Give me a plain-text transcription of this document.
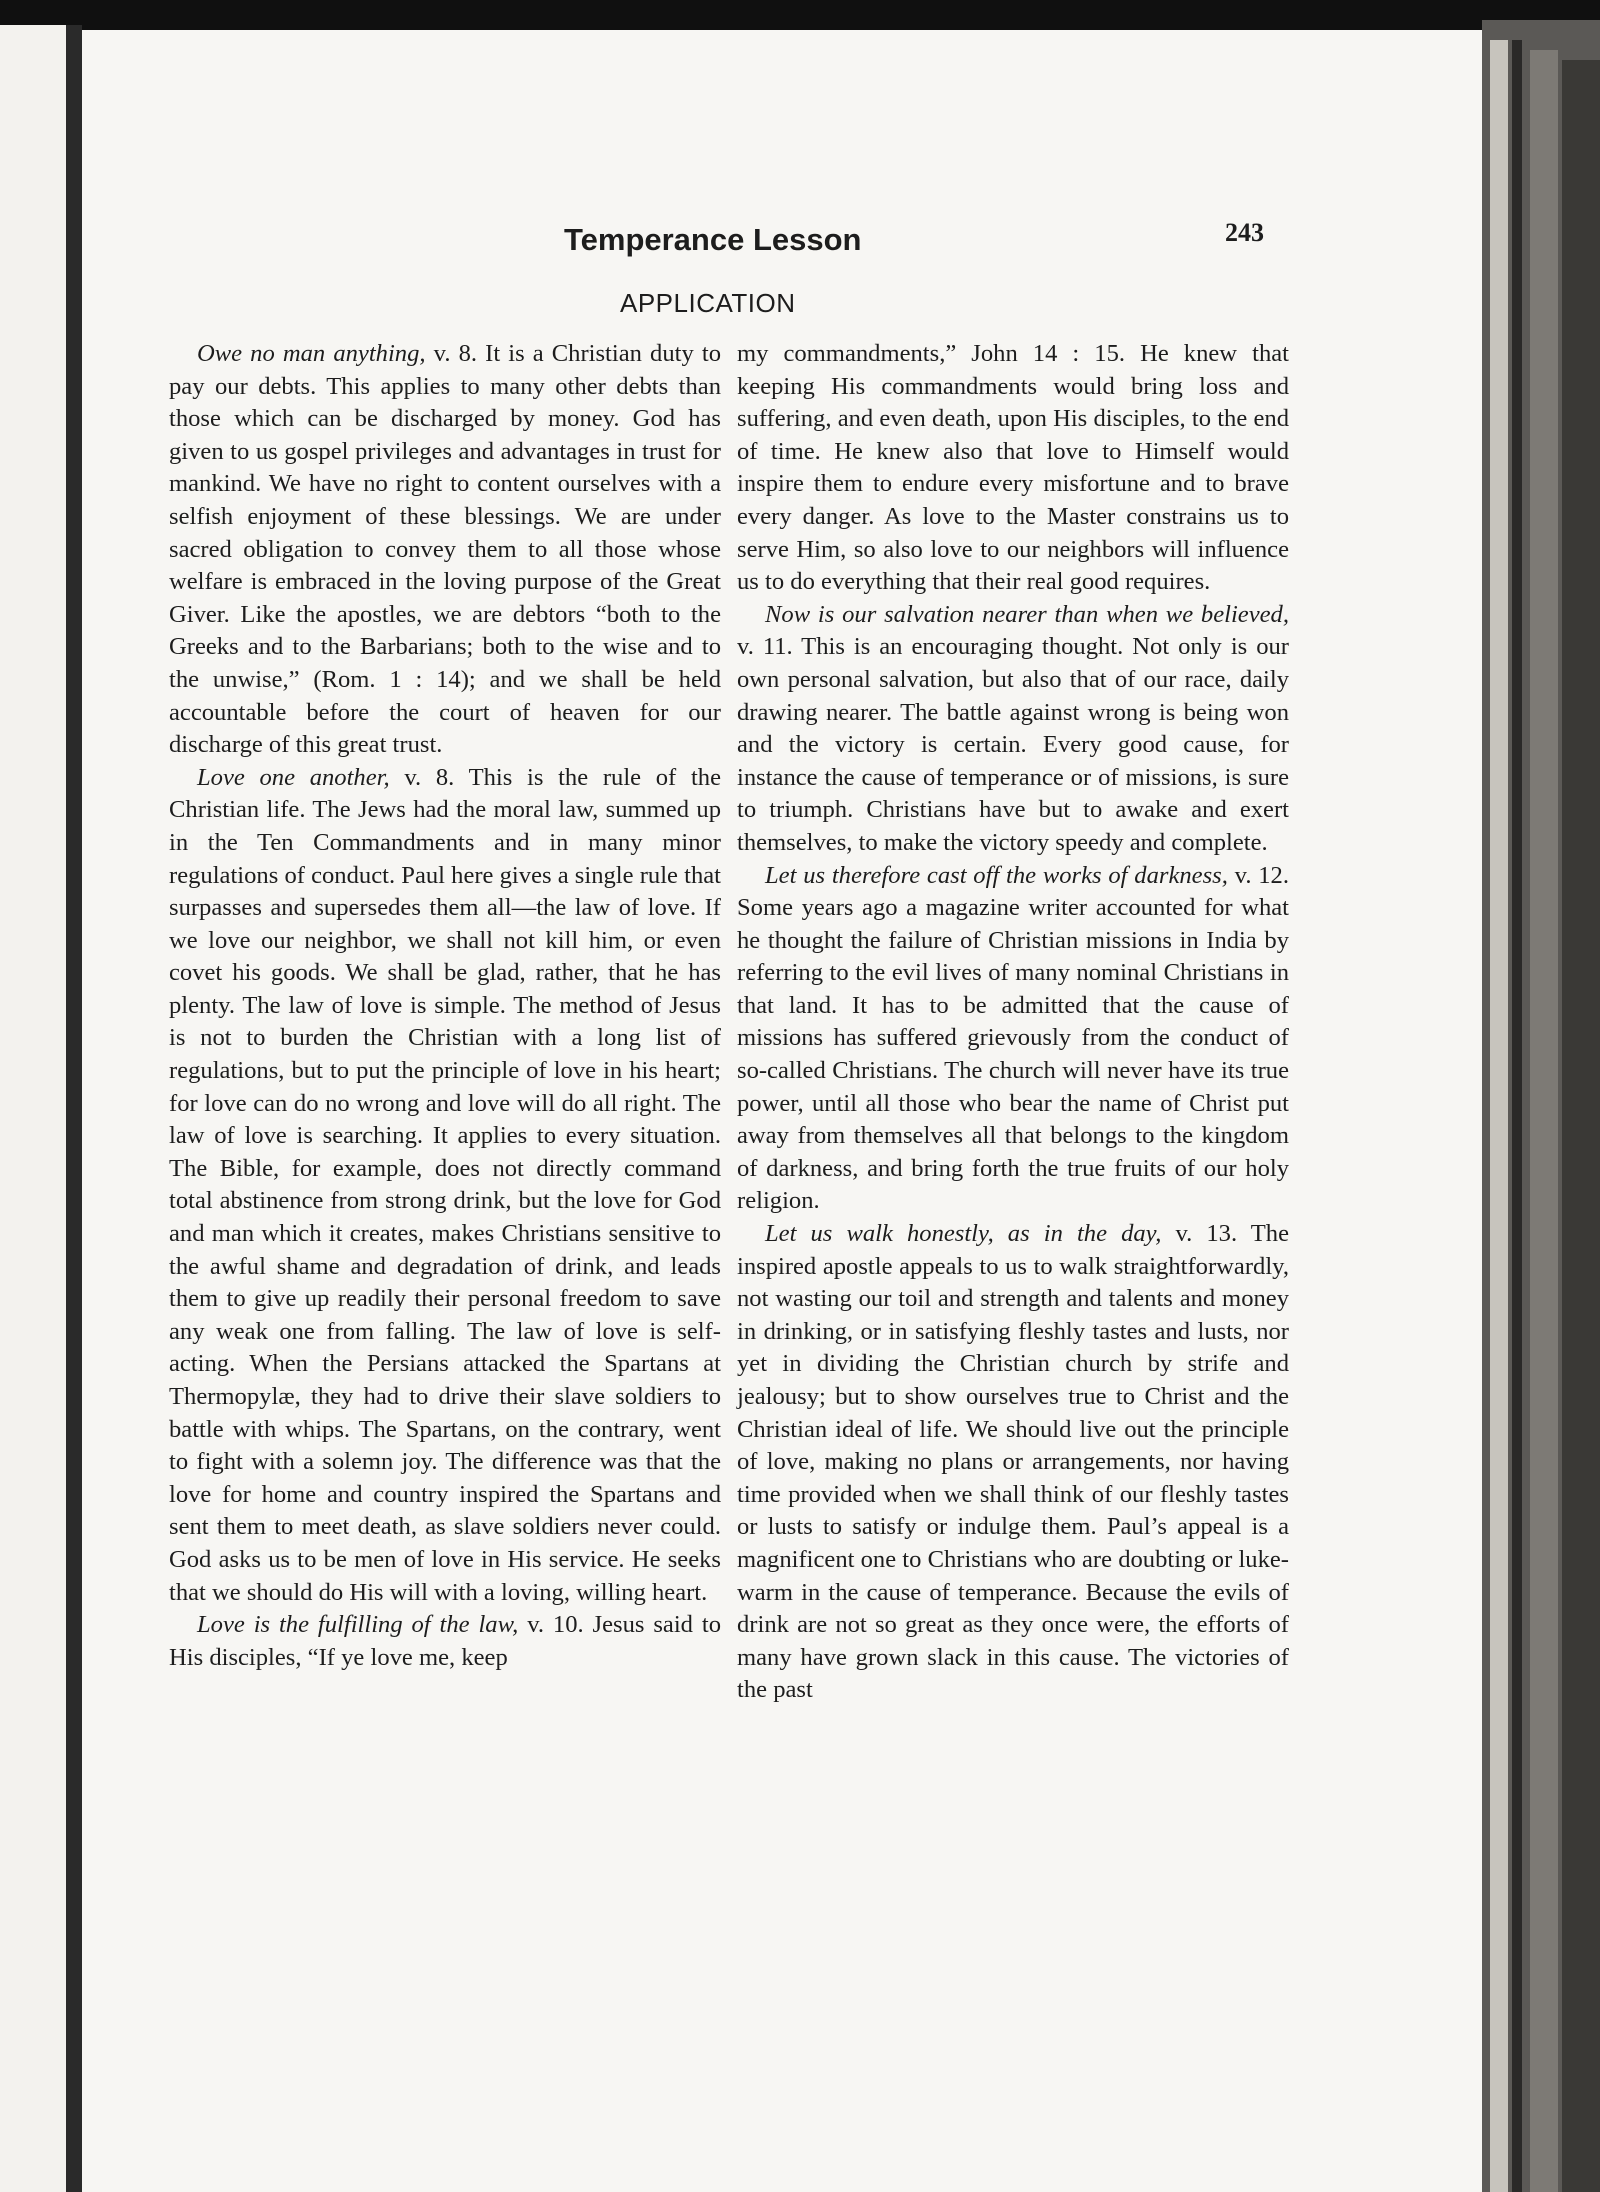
Temperance Lesson	243
APPLICATION

Owe no man anything, v. 8. It is a Christian duty to pay our debts. This applies to many other debts than those which can be discharged by money. God has given to us gospel privileges and advantages in trust for mankind. We have no right to content ourselves with a selfish enjoyment of these blessings. We are under sacred obligation to convey them to all those whose welfare is embraced in the loving purpose of the Great Giver. Like the apostles, we are debtors “both to the Greeks and to the Barbarians; both to the wise and to the unwise,” (Rom. 1 : 14); and we shall be held accountable before the court of heaven for our discharge of this great trust.

Love one another, v. 8. This is the rule of the Christian life. The Jews had the moral law, summed up in the Ten Commandments and in many minor regulations of conduct. Paul here gives a single rule that surpasses and supersedes them all—the law of love. If we love our neighbor, we shall not kill him, or even covet his goods. We shall be glad, rather, that he has plenty. The law of love is simple. The method of Jesus is not to burden the Christian with a long list of regulations, but to put the principle of love in his heart; for love can do no wrong and love will do all right. The law of love is searching. It applies to every situation. The Bible, for example, does not directly command total abstinence from strong drink, but the love for God and man which it creates, makes Christians sensitive to the awful shame and degradation of drink, and leads them to give up readily their personal freedom to save any weak one from falling. The law of love is self-acting. When the Persians attacked the Spartans at Thermopylæ, they had to drive their slave soldiers to battle with whips. The Spartans, on the contrary, went to fight with a solemn joy. The difference was that the love for home and country inspired the Spartans and sent them to meet death, as slave soldiers never could. God asks us to be men of love in His service. He seeks that we should do His will with a loving, willing heart.

Love is the fulfilling of the law, v. 10. Jesus said to His disciples, “If ye love me, keep

my commandments,” John 14 : 15. He knew that keeping His commandments would bring loss and suffering, and even death, upon His disciples, to the end of time. He knew also that love to Himself would inspire them to endure every misfortune and to brave every danger. As love to the Master constrains us to serve Him, so also love to our neighbors will influence us to do everything that their real good requires.

Now is our salvation nearer than when we believed, v. 11. This is an encouraging thought. Not only is our own personal salvation, but also that of our race, daily drawing nearer. The battle against wrong is being won and the victory is certain. Every good cause, for instance the cause of temperance or of missions, is sure to triumph. Christians have but to awake and exert themselves, to make the victory speedy and complete.

Let us therefore cast off the works of darkness, v. 12. Some years ago a magazine writer accounted for what he thought the failure of Christian missions in India by referring to the evil lives of many nominal Christians in that land. It has to be admitted that the cause of missions has suffered grievously from the conduct of so-called Christians. The church will never have its true power, until all those who bear the name of Christ put away from themselves all that belongs to the kingdom of darkness, and bring forth the true fruits of our holy religion.

Let us walk honestly, as in the day, v. 13. The inspired apostle appeals to us to walk straightforwardly, not wasting our toil and strength and talents and money in drinking, or in satisfying fleshly tastes and lusts, nor yet in dividing the Christian church by strife and jealousy; but to show ourselves true to Christ and the Christian ideal of life. We should live out the principle of love, making no plans or arrangements, nor having time provided when we shall think of our fleshly tastes or lusts to satisfy or indulge them. Paul’s appeal is a magnificent one to Christians who are doubting or luke-warm in the cause of temperance. Because the evils of drink are not so great as they once were, the efforts of many have grown slack in this cause. The victories of the past
